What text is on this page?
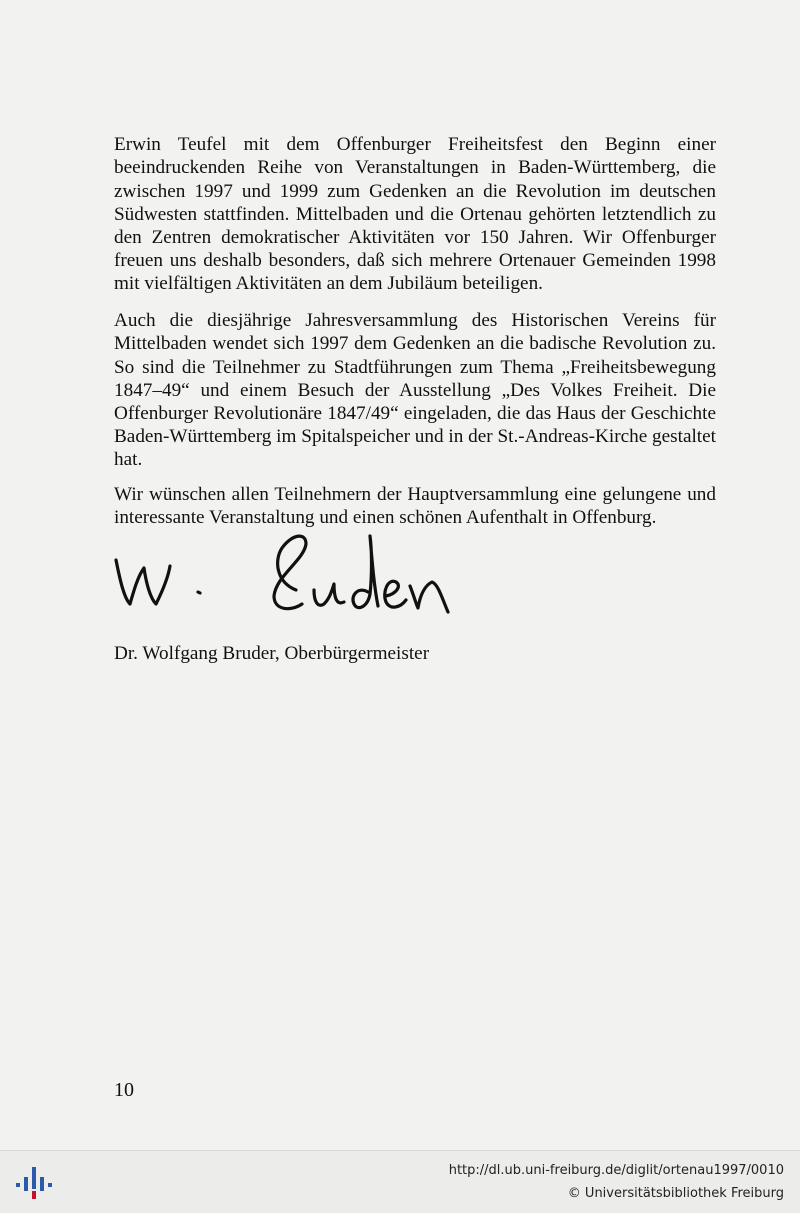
Erwin Teufel mit dem Offenburger Freiheitsfest den Beginn einer beeindruckenden Reihe von Veranstaltungen in Baden-Württemberg, die zwischen 1997 und 1999 zum Gedenken an die Revolution im deutschen Südwesten stattfinden. Mittelbaden und die Ortenau gehörten letztendlich zu den Zentren demokratischer Aktivitäten vor 150 Jahren. Wir Offenburger freuen uns deshalb besonders, daß sich mehrere Ortenauer Gemeinden 1998 mit vielfältigen Aktivitäten an dem Jubiläum beteiligen.

Auch die diesjährige Jahresversammlung des Historischen Vereins für Mittelbaden wendet sich 1997 dem Gedenken an die badische Revolution zu. So sind die Teilnehmer zu Stadtführungen zum Thema „Freiheitsbewegung 1847–49“ und einem Besuch der Ausstellung „Des Volkes Freiheit. Die Offenburger Revolutionäre 1847/49“ eingeladen, die das Haus der Geschichte Baden-Württemberg im Spitalspeicher und in der St.-Andreas-Kirche gestaltet hat.

Wir wünschen allen Teilnehmern der Hauptversammlung eine gelungene und interessante Veranstaltung und einen schönen Aufenthalt in Offenburg.

Dr. Wolfgang Bruder, Oberbürgermeister
10
http://dl.ub.uni-freiburg.de/diglit/ortenau1997/0010
© Universitätsbibliothek Freiburg
